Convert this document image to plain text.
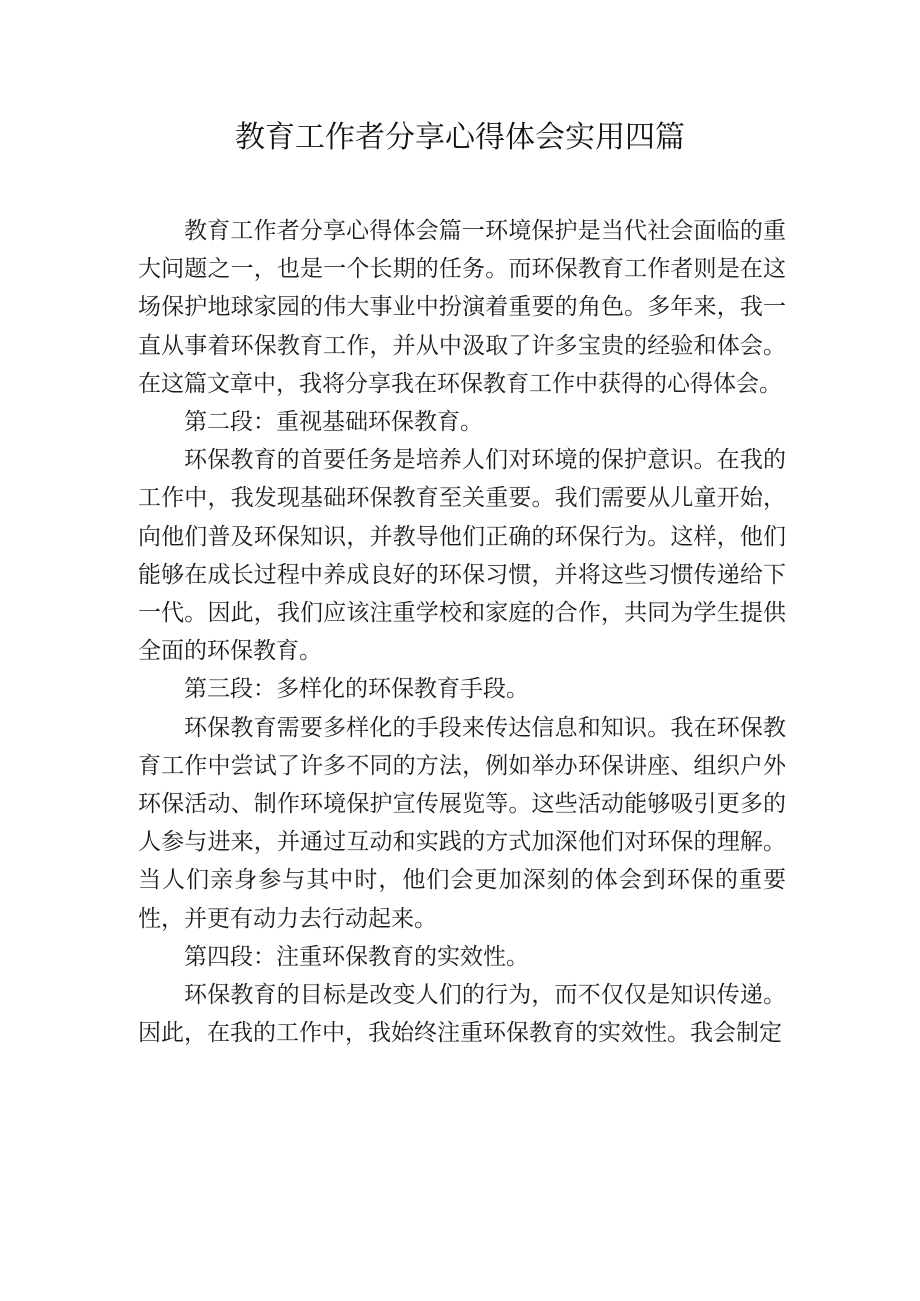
教育工作者分享心得体会实用四篇

教育工作者分享心得体会篇一环境保护是当代社会面临的重大问题之一，也是一个长期的任务。而环保教育工作者则是在这场保护地球家园的伟大事业中扮演着重要的角色。多年来，我一直从事着环保教育工作，并从中汲取了许多宝贵的经验和体会。在这篇文章中，我将分享我在环保教育工作中获得的心得体会。

第二段：重视基础环保教育。

环保教育的首要任务是培养人们对环境的保护意识。在我的工作中，我发现基础环保教育至关重要。我们需要从儿童开始，向他们普及环保知识，并教导他们正确的环保行为。这样，他们能够在成长过程中养成良好的环保习惯，并将这些习惯传递给下一代。因此，我们应该注重学校和家庭的合作，共同为学生提供全面的环保教育。

第三段：多样化的环保教育手段。

环保教育需要多样化的手段来传达信息和知识。我在环保教育工作中尝试了许多不同的方法，例如举办环保讲座、组织户外环保活动、制作环境保护宣传展览等。这些活动能够吸引更多的人参与进来，并通过互动和实践的方式加深他们对环保的理解。当人们亲身参与其中时，他们会更加深刻的体会到环保的重要性，并更有动力去行动起来。

第四段：注重环保教育的实效性。

环保教育的目标是改变人们的行为，而不仅仅是知识传递。因此，在我的工作中，我始终注重环保教育的实效性。我会制定
